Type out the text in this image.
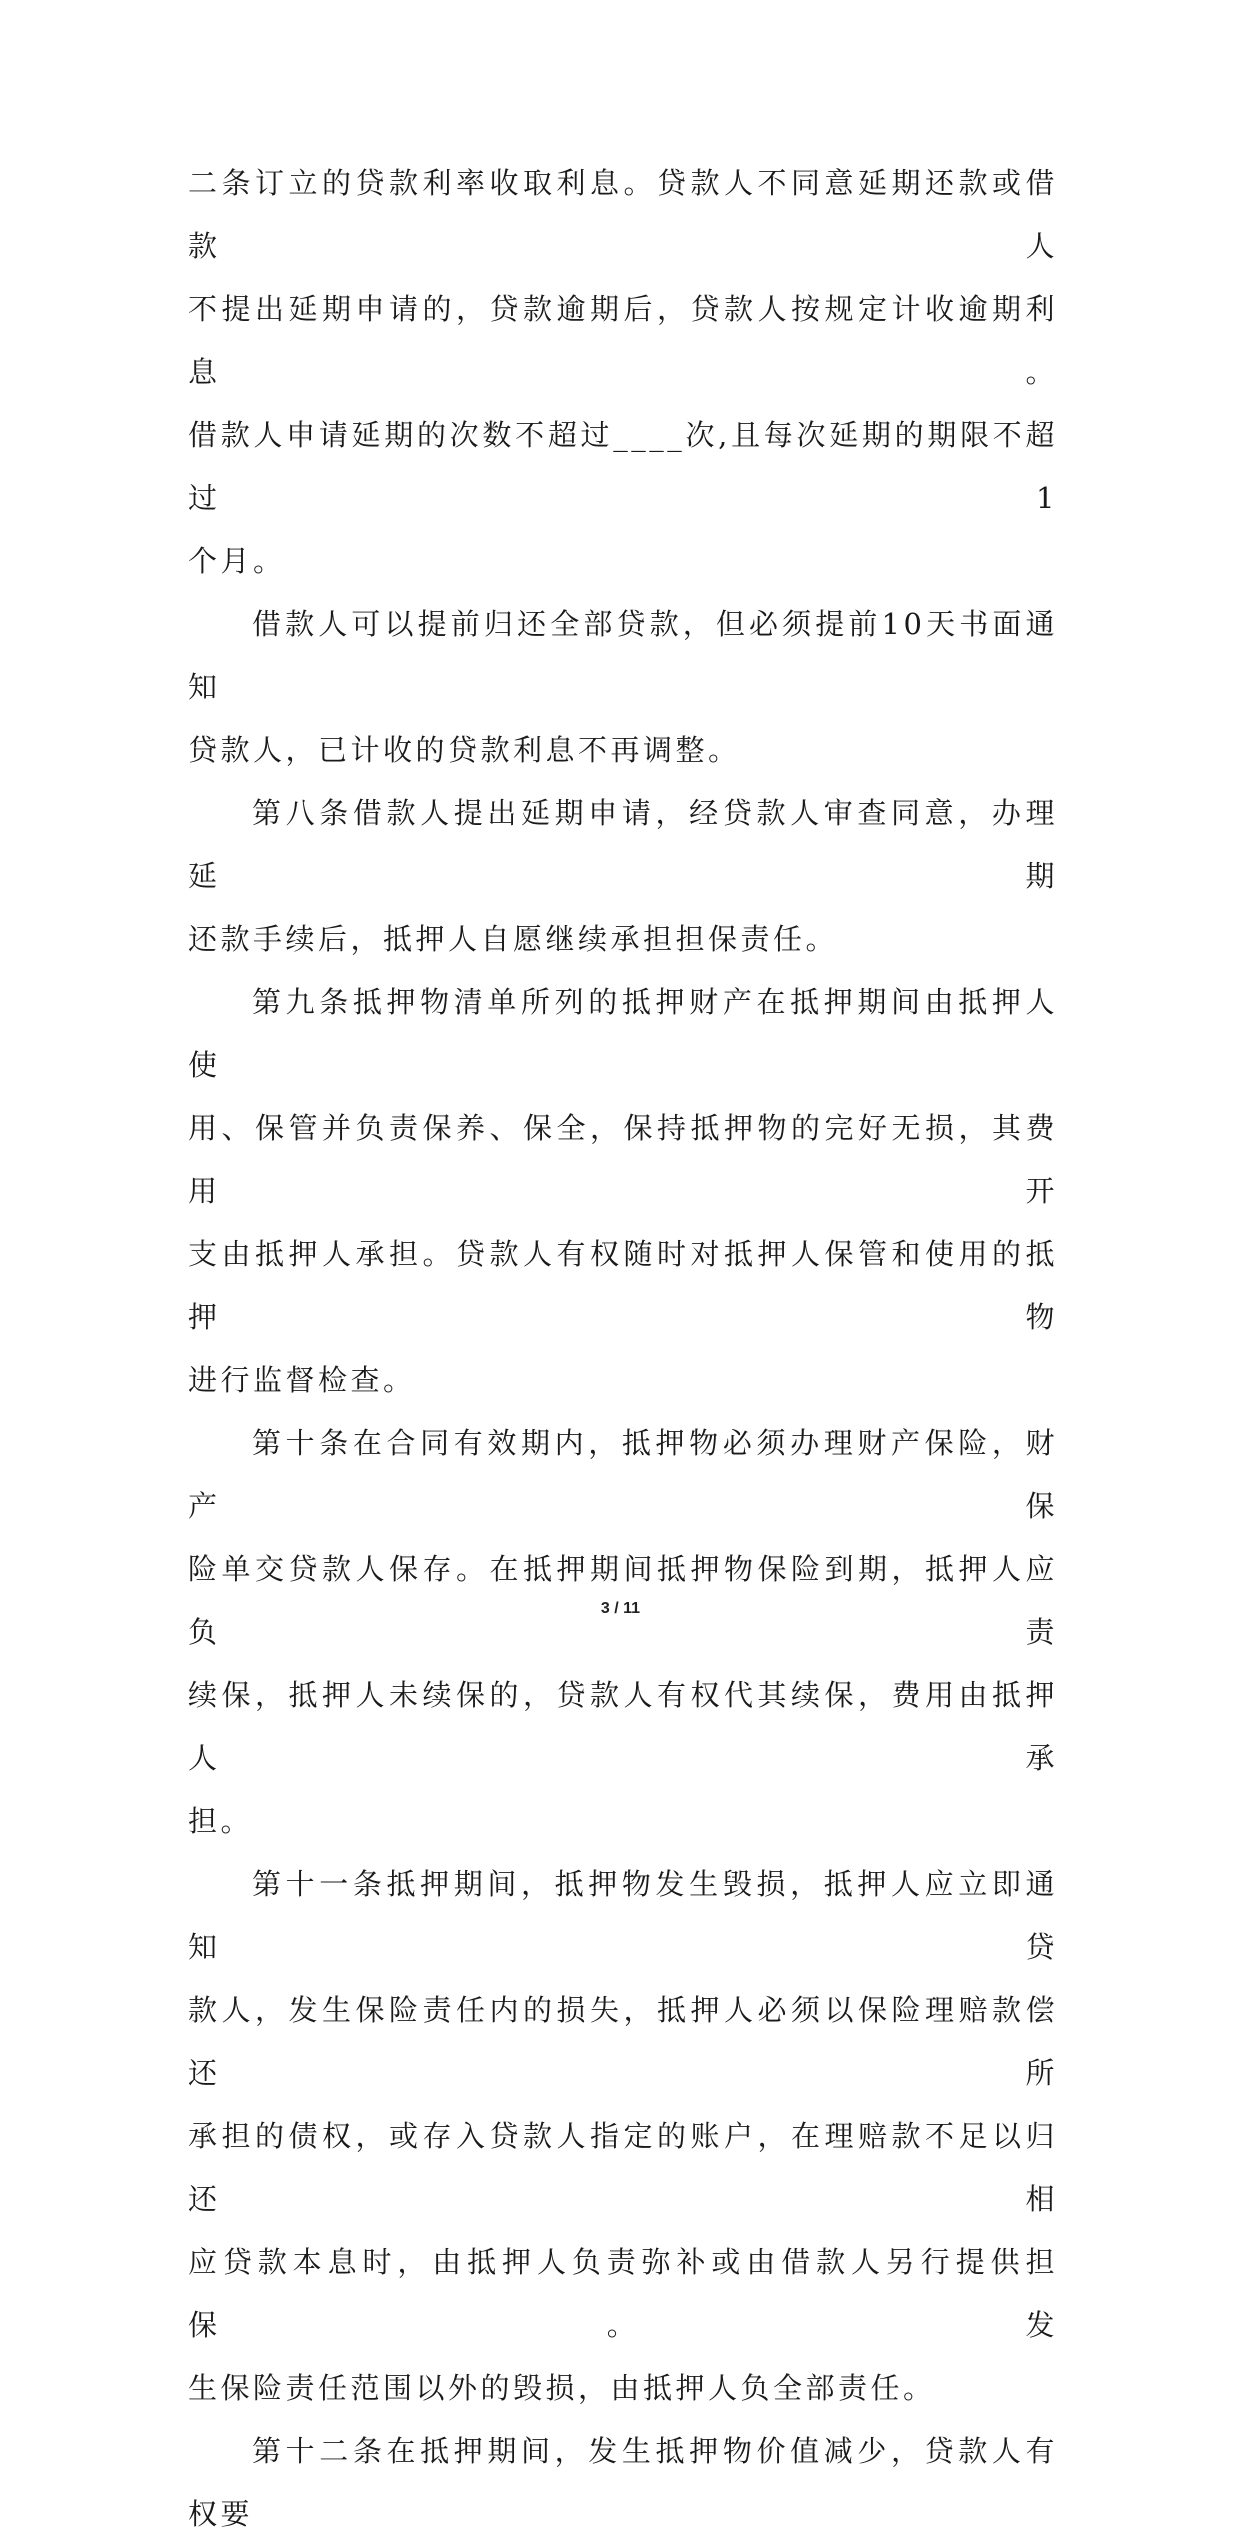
二条订立的贷款利率收取利息。贷款人不同意延期还款或借款人
不提出延期申请的，贷款逾期后，贷款人按规定计收逾期利息。
借款人申请延期的次数不超过____次,且每次延期的期限不超过1
个月。
借款人可以提前归还全部贷款，但必须提前10天书面通知
贷款人，已计收的贷款利息不再调整。
第八条借款人提出延期申请，经贷款人审查同意，办理延期
还款手续后，抵押人自愿继续承担担保责任。
第九条抵押物清单所列的抵押财产在抵押期间由抵押人使
用、保管并负责保养、保全，保持抵押物的完好无损，其费用开
支由抵押人承担。贷款人有权随时对抵押人保管和使用的抵押物
进行监督检查。
第十条在合同有效期内，抵押物必须办理财产保险，财产保
险单交贷款人保存。在抵押期间抵押物保险到期，抵押人应负责
续保，抵押人未续保的，贷款人有权代其续保，费用由抵押人承
担。
第十一条抵押期间，抵押物发生毁损，抵押人应立即通知贷
款人，发生保险责任内的损失，抵押人必须以保险理赔款偿还所
承担的债权，或存入贷款人指定的账户，在理赔款不足以归还相
应贷款本息时，由抵押人负责弥补或由借款人另行提供担保。发
生保险责任范围以外的毁损，由抵押人负全部责任。
第十二条在抵押期间，发生抵押物价值减少，贷款人有权要
3 / 11
